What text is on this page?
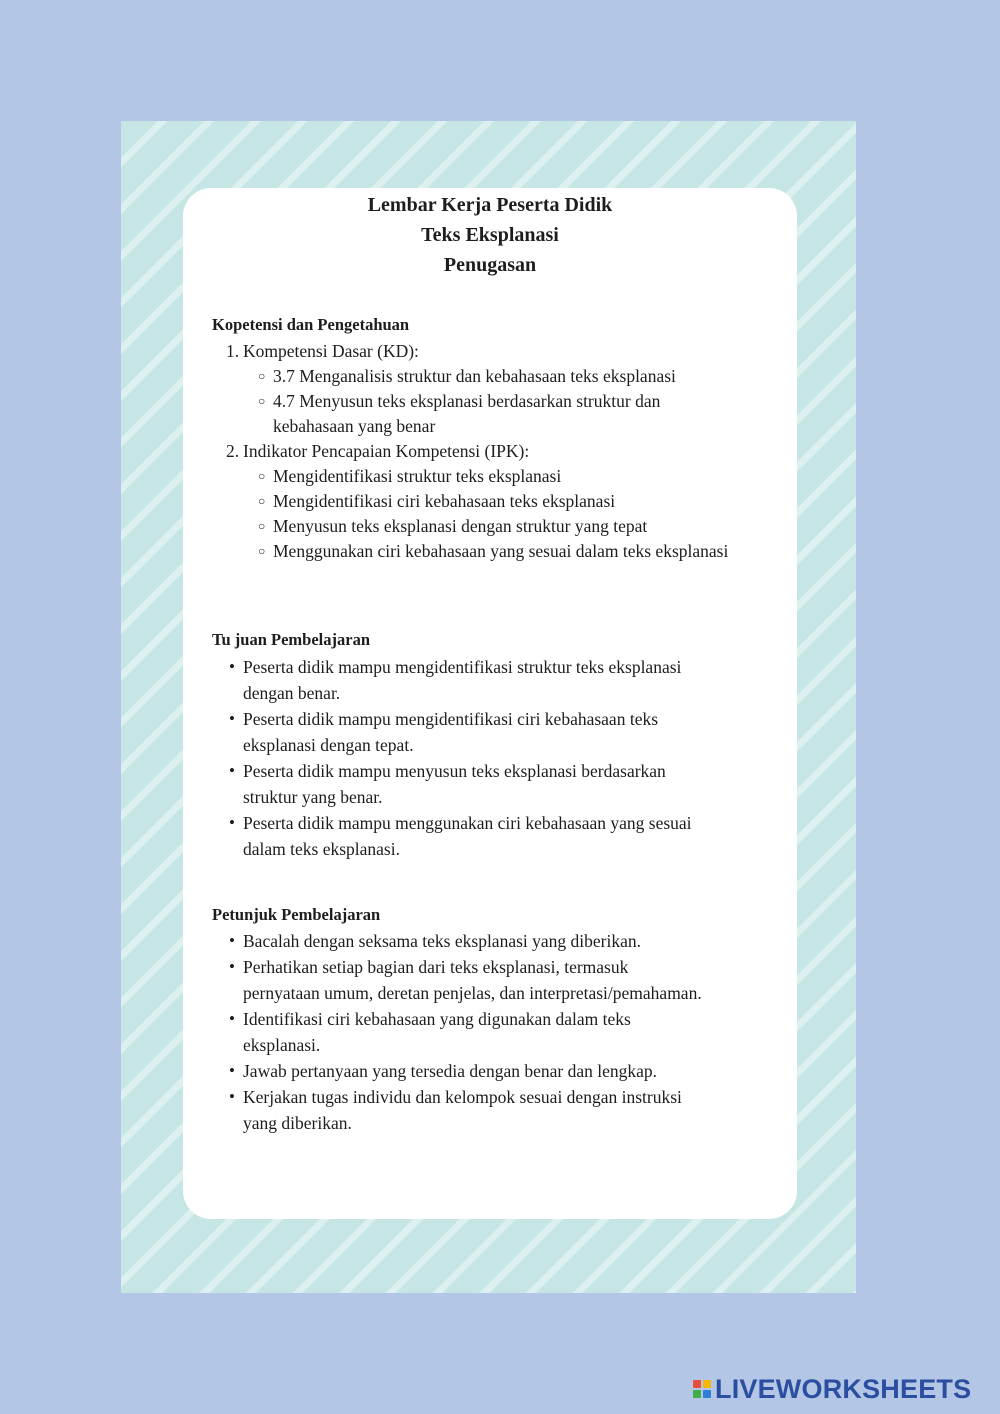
Lembar Kerja Peserta Didik
Teks Eksplanasi
Penugasan

Kopetensi dan Pengetahuan

1. Kompetensi Dasar (KD):

○ 3.7 Menganalisis struktur dan kebahasaan teks eksplanasi

○ 4.7 Menyusun teks eksplanasi berdasarkan struktur dan

kebahasaan yang benar

2. Indikator Pencapaian Kompetensi (IPK):

○ Mengidentifikasi struktur teks eksplanasi

○ Mengidentifikasi ciri kebahasaan teks eksplanasi

○ Menyusun teks eksplanasi dengan struktur yang tepat

○ Menggunakan ciri kebahasaan yang sesuai dalam teks eksplanasi

Tu juan Pembelajaran

• Peserta didik mampu mengidentifikasi struktur teks eksplanasi

dengan benar.

• Peserta didik mampu mengidentifikasi ciri kebahasaan teks

eksplanasi dengan tepat.

• Peserta didik mampu menyusun teks eksplanasi berdasarkan

struktur yang benar.

• Peserta didik mampu menggunakan ciri kebahasaan yang sesuai

dalam teks eksplanasi.

Petunjuk Pembelajaran

• Bacalah dengan seksama teks eksplanasi yang diberikan.

• Perhatikan setiap bagian dari teks eksplanasi, termasuk

pernyataan umum, deretan penjelas, dan interpretasi/pemahaman.

• Identifikasi ciri kebahasaan yang digunakan dalam teks

eksplanasi.

• Jawab pertanyaan yang tersedia dengan benar dan lengkap.

• Kerjakan tugas individu dan kelompok sesuai dengan instruksi

yang diberikan.

LIVEWORKSHEETS
